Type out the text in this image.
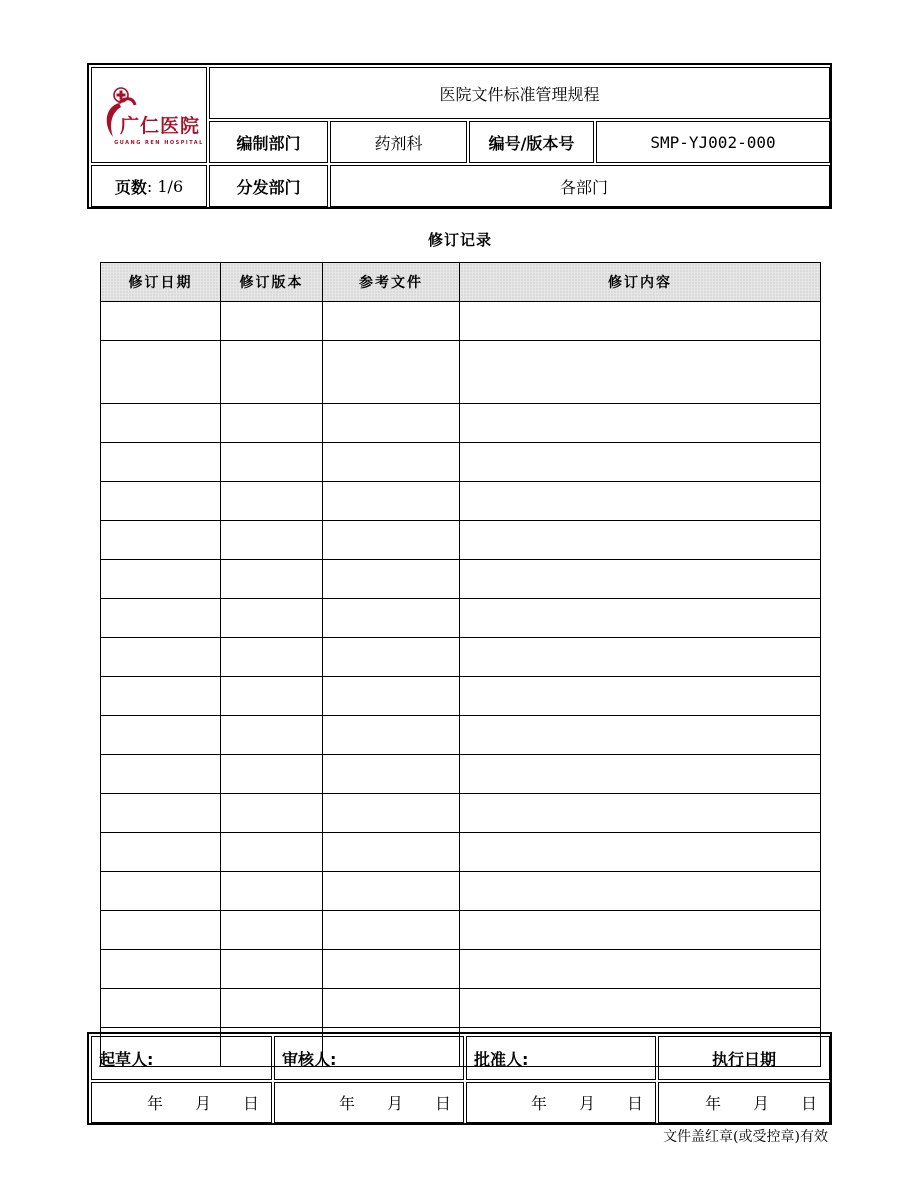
广仁医院
GUANG REN HOSPITAL
医院文件标准管理规程
编制部门	药剂科	编号/版本号	SMP-YJ002-000
页数 : 1/6	分发部门	各部门
修订记录
修订日期	修订版本	参考文件	修订内容

起草人:	审核人:	批准人:	执行日期
年 月 日	年 月 日	年 月 日	年 月 日
文件盖红章(或受控章)有效
